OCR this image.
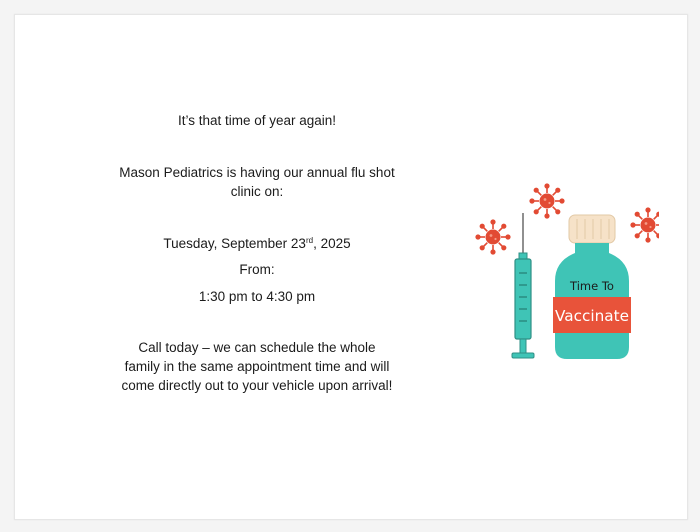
It’s that time of year again!

Mason Pediatrics is having our annual flu shot clinic on:

Tuesday, September 23rd, 2025

From:

1:30 pm to 4:30 pm

Call today – we can schedule the whole family in the same appointment time and will come directly out to your vehicle upon arrival!

Time To
Vaccinate
